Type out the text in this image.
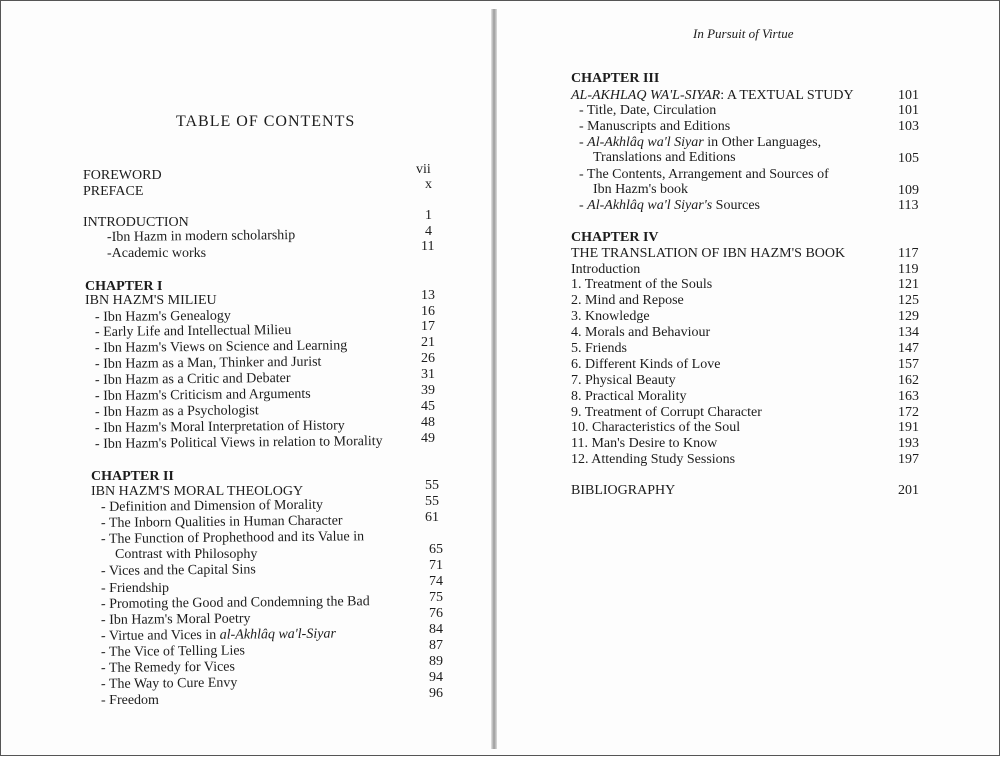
TABLE OF CONTENTS
FOREWORD	vii
PREFACE	x
INTRODUCTION	1
-Ibn Hazm in modern scholarship	4
-Academic works	11
CHAPTER I
IBN HAZM'S MILIEU	13
- Ibn Hazm's Genealogy	16
- Early Life and Intellectual Milieu	17
- Ibn Hazm's Views on Science and Learning	21
- Ibn Hazm as a Man, Thinker and Jurist	26
- Ibn Hazm as a Critic and Debater	31
- Ibn Hazm's Criticism and Arguments	39
- Ibn Hazm as a Psychologist	45
- Ibn Hazm's Moral Interpretation of History	48
- Ibn Hazm's Political Views in relation to Morality	49
CHAPTER II
IBN HAZM'S MORAL THEOLOGY	55
- Definition and Dimension of Morality	55
- The Inborn Qualities in Human Character	61
- The Function of Prophethood and its Value in
Contrast with Philosophy	65
- Vices and the Capital Sins	71
- Friendship	74
- Promoting the Good and Condemning the Bad	75
- Ibn Hazm's Moral Poetry	76
- Virtue and Vices in al-Akhlâq wa'l-Siyar	84
- The Vice of Telling Lies	87
- The Remedy for Vices	89
- The Way to Cure Envy	94
- Freedom	96
In Pursuit of Virtue
CHAPTER III
AL-AKHLAQ WA'L-SIYAR: A TEXTUAL STUDY	101
- Title, Date, Circulation	101
- Manuscripts and Editions	103
- Al-Akhlâq wa'l Siyar in Other Languages,
Translations and Editions	105
- The Contents, Arrangement and Sources of
Ibn Hazm's book	109
- Al-Akhlâq wa'l Siyar's Sources	113
CHAPTER IV
THE TRANSLATION OF IBN HAZM'S BOOK	117
Introduction	119
1. Treatment of the Souls	121
2. Mind and Repose	125
3. Knowledge	129
4. Morals and Behaviour	134
5. Friends	147
6. Different Kinds of Love	157
7. Physical Beauty	162
8. Practical Morality	163
9. Treatment of Corrupt Character	172
10. Characteristics of the Soul	191
11. Man's Desire to Know	193
12. Attending Study Sessions	197
BIBLIOGRAPHY	201
